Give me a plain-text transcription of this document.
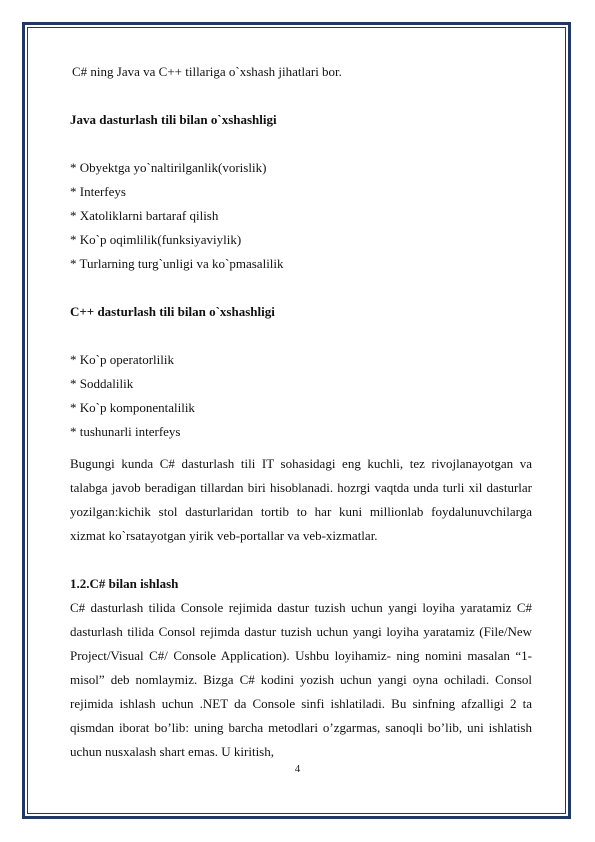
C# ning Java va C++ tillariga o`xshash jihatlari bor.

Java dasturlash tili bilan o`xshashligi

* Obyektga yo`naltirilganlik(vorislik)

* Interfeys

* Xatoliklarni bartaraf qilish

* Ko`p oqimlilik(funksiyaviylik)

* Turlarning turg`unligi va ko`pmasalilik

C++ dasturlash tili bilan o`xshashligi

* Ko`p operatorlilik

* Soddalilik

* Ko`p komponentalilik

* tushunarli interfeys

Bugungi kunda C# dasturlash tili IT sohasidagi eng kuchli, tez rivojlanayotgan va talabga javob beradigan tillardan biri hisoblanadi. hozrgi vaqtda unda turli xil dasturlar yozilgan:kichik stol dasturlaridan tortib to har kuni millionlab foydalunuvchilarga xizmat ko`rsatayotgan yirik veb-portallar va veb-xizmatlar.

1.2.C# bilan ishlash

C# dasturlash tilida Console rejimida dastur tuzish uchun yangi loyiha yaratamiz C# dasturlash tilida Consol rejimda dastur tuzish uchun yangi loyiha yaratamiz (File/New Project/Visual C#/ Console Application). Ushbu loyihamiz- ning nomini masalan “1-misol” deb nomlaymiz. Bizga C# kodini yozish uchun yangi oyna ochiladi. Consol rejimida ishlash uchun .NET da Console sinfi ishlatiladi. Bu sinfning afzalligi 2 ta qismdan iborat bo’lib: uning barcha metodlari o’zgarmas, sanoqli bo’lib, uni ishlatish uchun nusxalash shart emas. U kiritish,

4
